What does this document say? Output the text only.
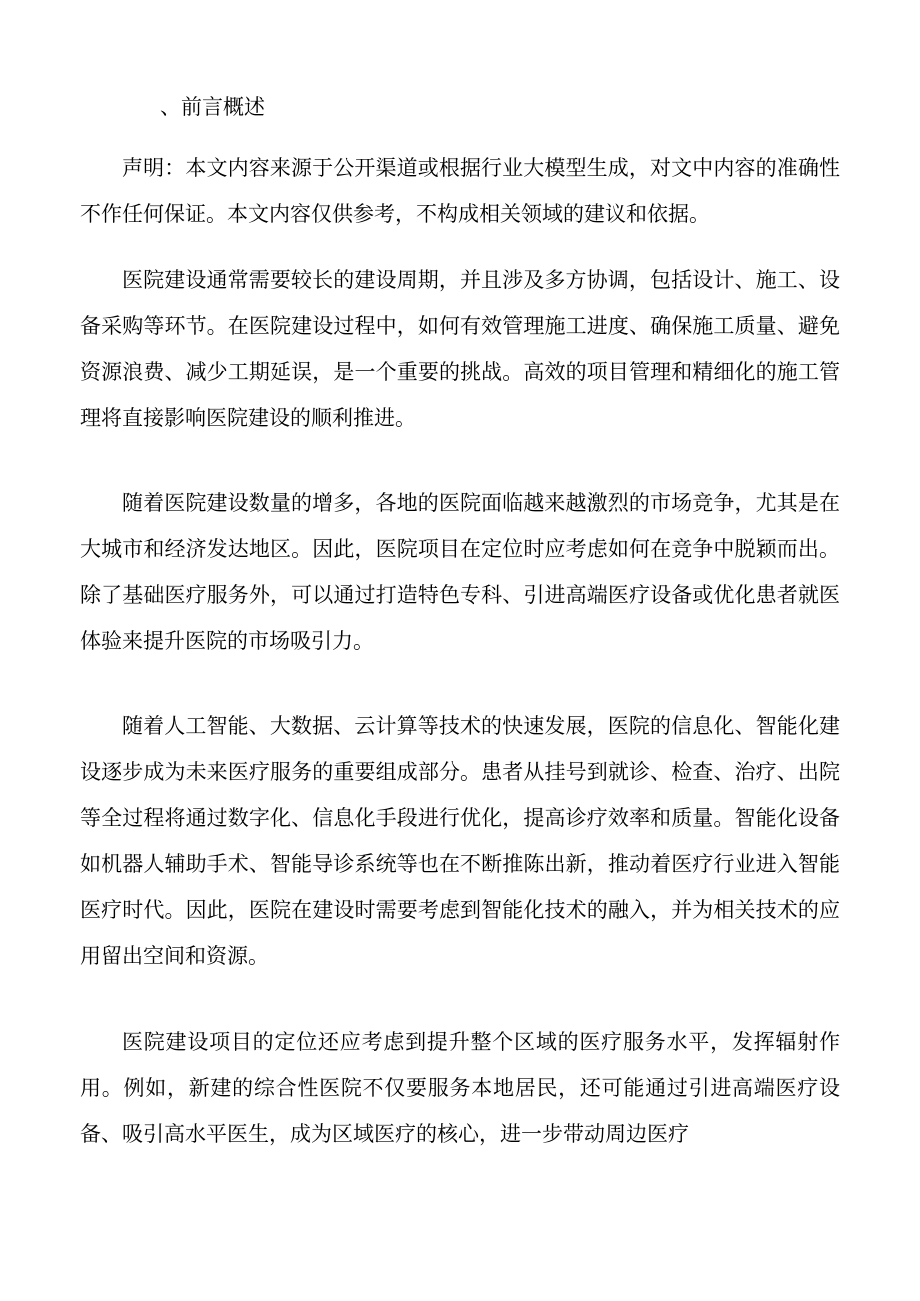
、前言概述

声明：本文内容来源于公开渠道或根据行业大模型生成，对文中内容的准确性不作任何保证。本文内容仅供参考，不构成相关领域的建议和依据。

医院建设通常需要较长的建设周期，并且涉及多方协调，包括设计、施工、设备采购等环节。在医院建设过程中，如何有效管理施工进度、确保施工质量、避免资源浪费、减少工期延误，是一个重要的挑战。高效的项目管理和精细化的施工管理将直接影响医院建设的顺利推进。

随着医院建设数量的增多，各地的医院面临越来越激烈的市场竞争，尤其是在大城市和经济发达地区。因此，医院项目在定位时应考虑如何在竞争中脱颖而出。除了基础医疗服务外，可以通过打造特色专科、引进高端医疗设备或优化患者就医体验来提升医院的市场吸引力。

随着人工智能、大数据、云计算等技术的快速发展，医院的信息化、智能化建设逐步成为未来医疗服务的重要组成部分。患者从挂号到就诊、检查、治疗、出院等全过程将通过数字化、信息化手段进行优化，提高诊疗效率和质量。智能化设备如机器人辅助手术、智能导诊系统等也在不断推陈出新，推动着医疗行业进入智能医疗时代。因此，医院在建设时需要考虑到智能化技术的融入，并为相关技术的应用留出空间和资源。

医院建设项目的定位还应考虑到提升整个区域的医疗服务水平，发挥辐射作用。例如，新建的综合性医院不仅要服务本地居民，还可能通过引进高端医疗设备、吸引高水平医生，成为区域医疗的核心，进一步带动周边医疗
